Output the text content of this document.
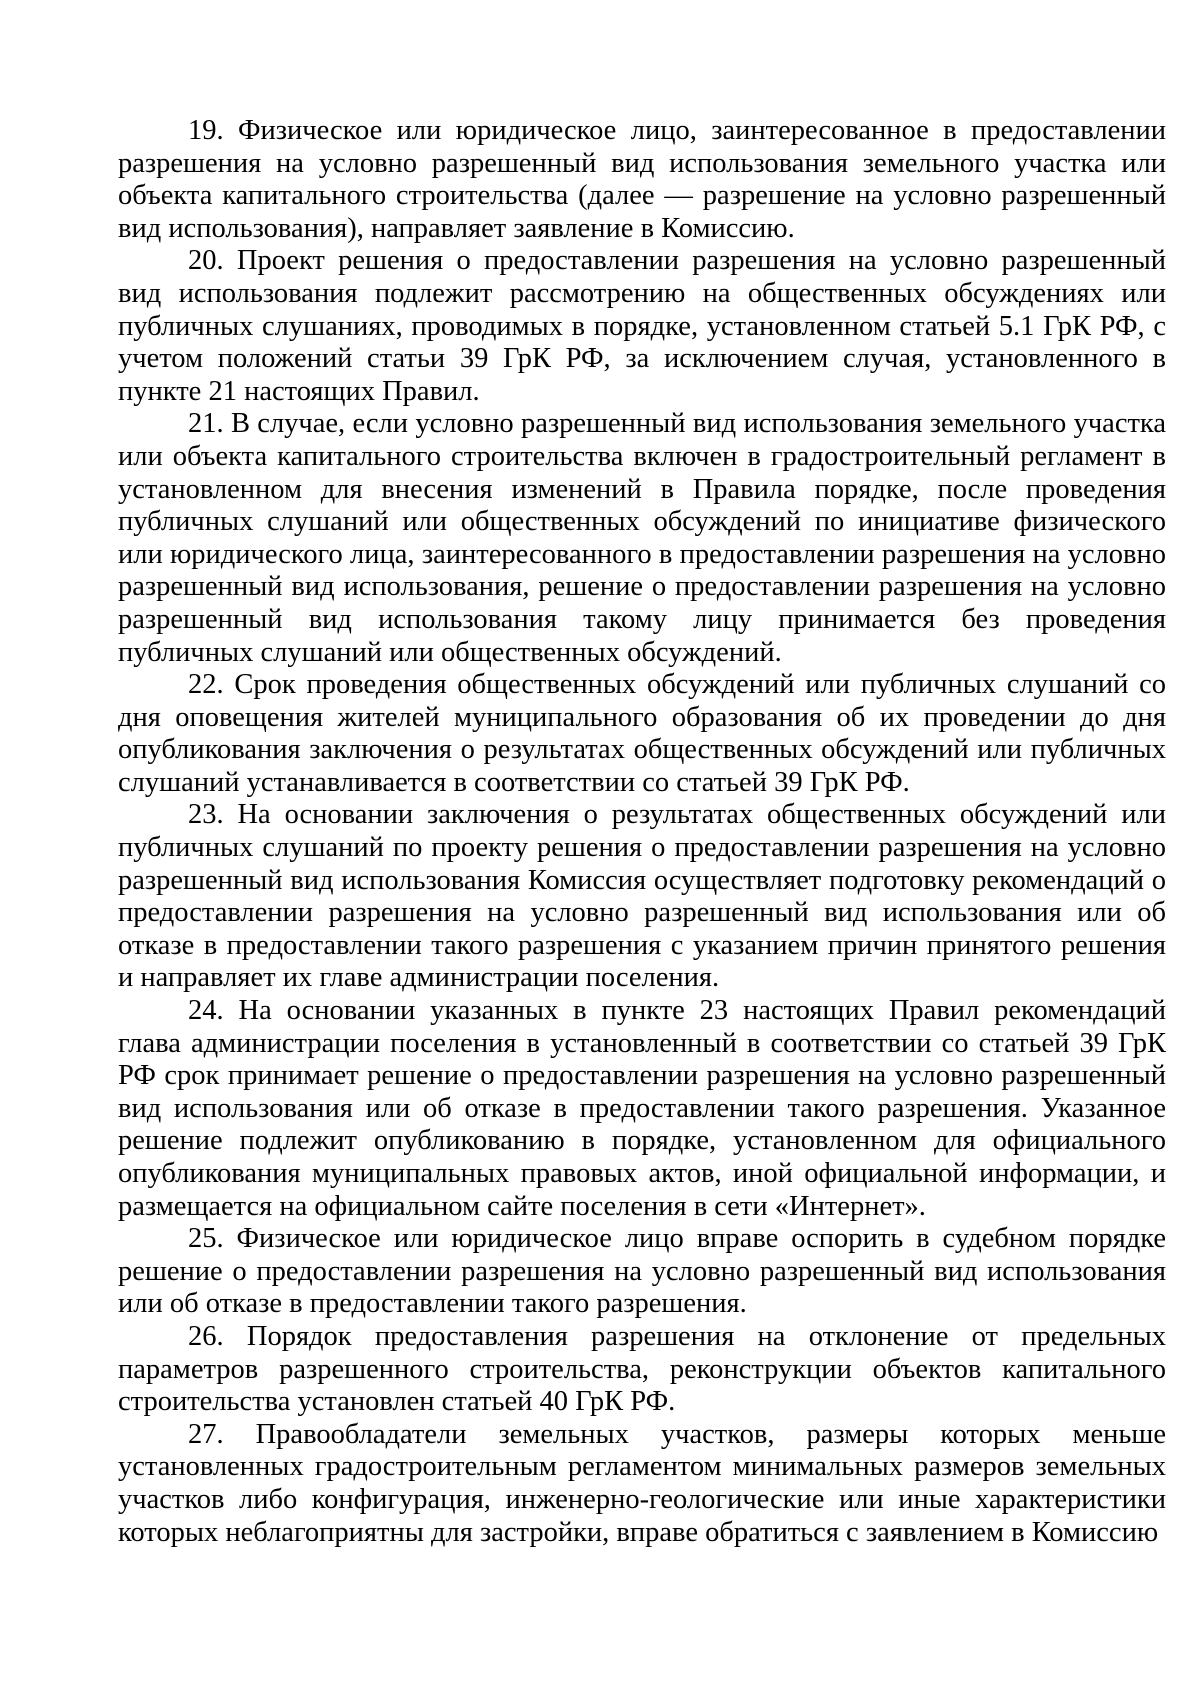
19. Физическое или юридическое лицо, заинтересованное в предоставлении разрешения на условно разрешенный вид использования земельного участка или объекта капитального строительства (далее — разрешение на условно разрешенный вид использования), направляет заявление в Комиссию.

20. Проект решения о предоставлении разрешения на условно разрешенный вид использования подлежит рассмотрению на общественных обсуждениях или публичных слушаниях, проводимых в порядке, установленном статьей 5.1 ГрК РФ, с учетом положений статьи 39 ГрК РФ, за исключением случая, установленного в пункте 21 настоящих Правил.

21. В случае, если условно разрешенный вид использования земельного участка или объекта капитального строительства включен в градостроительный регламент в установленном для внесения изменений в Правила порядке, после проведения публичных слушаний или общественных обсуждений по инициативе физического или юридического лица, заинтересованного в предоставлении разрешения на условно разрешенный вид использования, решение о предоставлении разрешения на условно разрешенный вид использования такому лицу принимается без проведения публичных слушаний или общественных обсуждений.

22. Срок проведения общественных обсуждений или публичных слушаний со дня оповещения жителей муниципального образования об их проведении до дня опубликования заключения о результатах общественных обсуждений или публичных слушаний устанавливается в соответствии со статьей 39 ГрК РФ.

23. На основании заключения о результатах общественных обсуждений или публичных слушаний по проекту решения о предоставлении разрешения на условно разрешенный вид использования Комиссия осуществляет подготовку рекомендаций о предоставлении разрешения на условно разрешенный вид использования или об отказе в предоставлении такого разрешения с указанием причин принятого решения и направляет их главе администрации поселения.

24. На основании указанных в пункте 23 настоящих Правил рекомендаций глава администрации поселения в установленный в соответствии со статьей 39 ГрК РФ срок принимает решение о предоставлении разрешения на условно разрешенный вид использования или об отказе в предоставлении такого разрешения. Указанное решение подлежит опубликованию в порядке, установленном для официального опубликования муниципальных правовых актов, иной официальной информации, и размещается на официальном сайте поселения в сети «Интернет».

25. Физическое или юридическое лицо вправе оспорить в судебном порядке решение о предоставлении разрешения на условно разрешенный вид использования или об отказе в предоставлении такого разрешения.

26. Порядок предоставления разрешения на отклонение от предельных параметров разрешенного строительства, реконструкции объектов капитального строительства установлен статьей 40 ГрК РФ.

27. Правообладатели земельных участков, размеры которых меньше установленных градостроительным регламентом минимальных размеров земельных участков либо конфигурация, инженерно-геологические или иные характеристики которых неблагоприятны для застройки, вправе обратиться с заявлением в Комиссию
